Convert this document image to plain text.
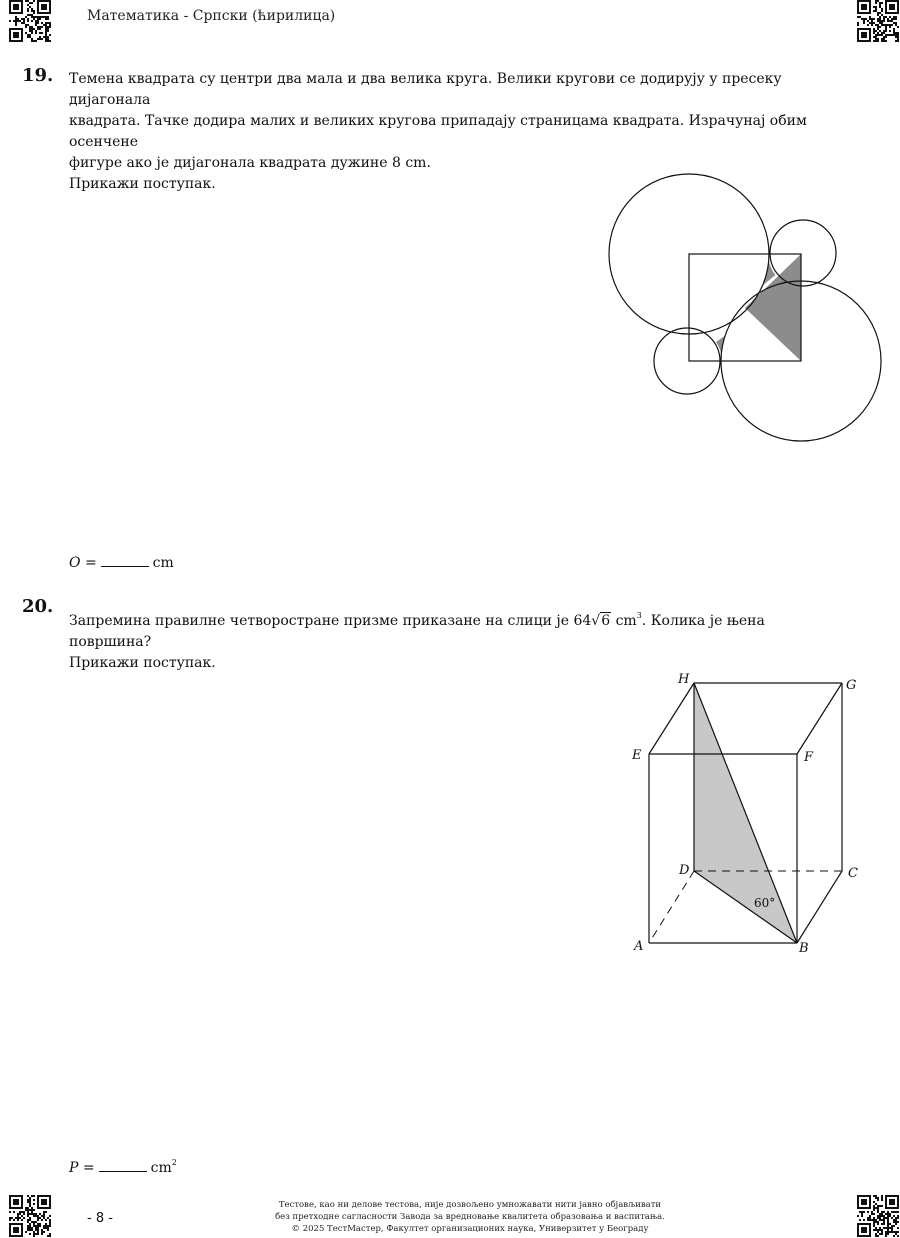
Математика - Српски (ћирилица)
19. Темена квадрата су центри два мала и два велика круга. Велики кругови се додирују у пресеку дијагонала

квадрата. Тачке додира малих и великих кругова припадају страницама квадрата. Израчунај обим осенчене

фигуре ако је дијагонала квадрата дужине 8 cm.

Прикажи поступак.

O =	cm
20.

Запремина правилне четворостране призме приказане на слици је 64√6 $cm^3$. Колика је њена површина?

Прикажи поступак.

H	G
E	F
D	C
A	B
60°
P =	$cm^2$
- 8 -
Тестове, као ни делове тестова, није дозвољено умножавати нити јавно објављивати
без претходне сагласности Завода за вредновање квалитета образовања и васпитања.
© 2025 ТестМастер, Факултет организационих наука, Универзитет у Београду
